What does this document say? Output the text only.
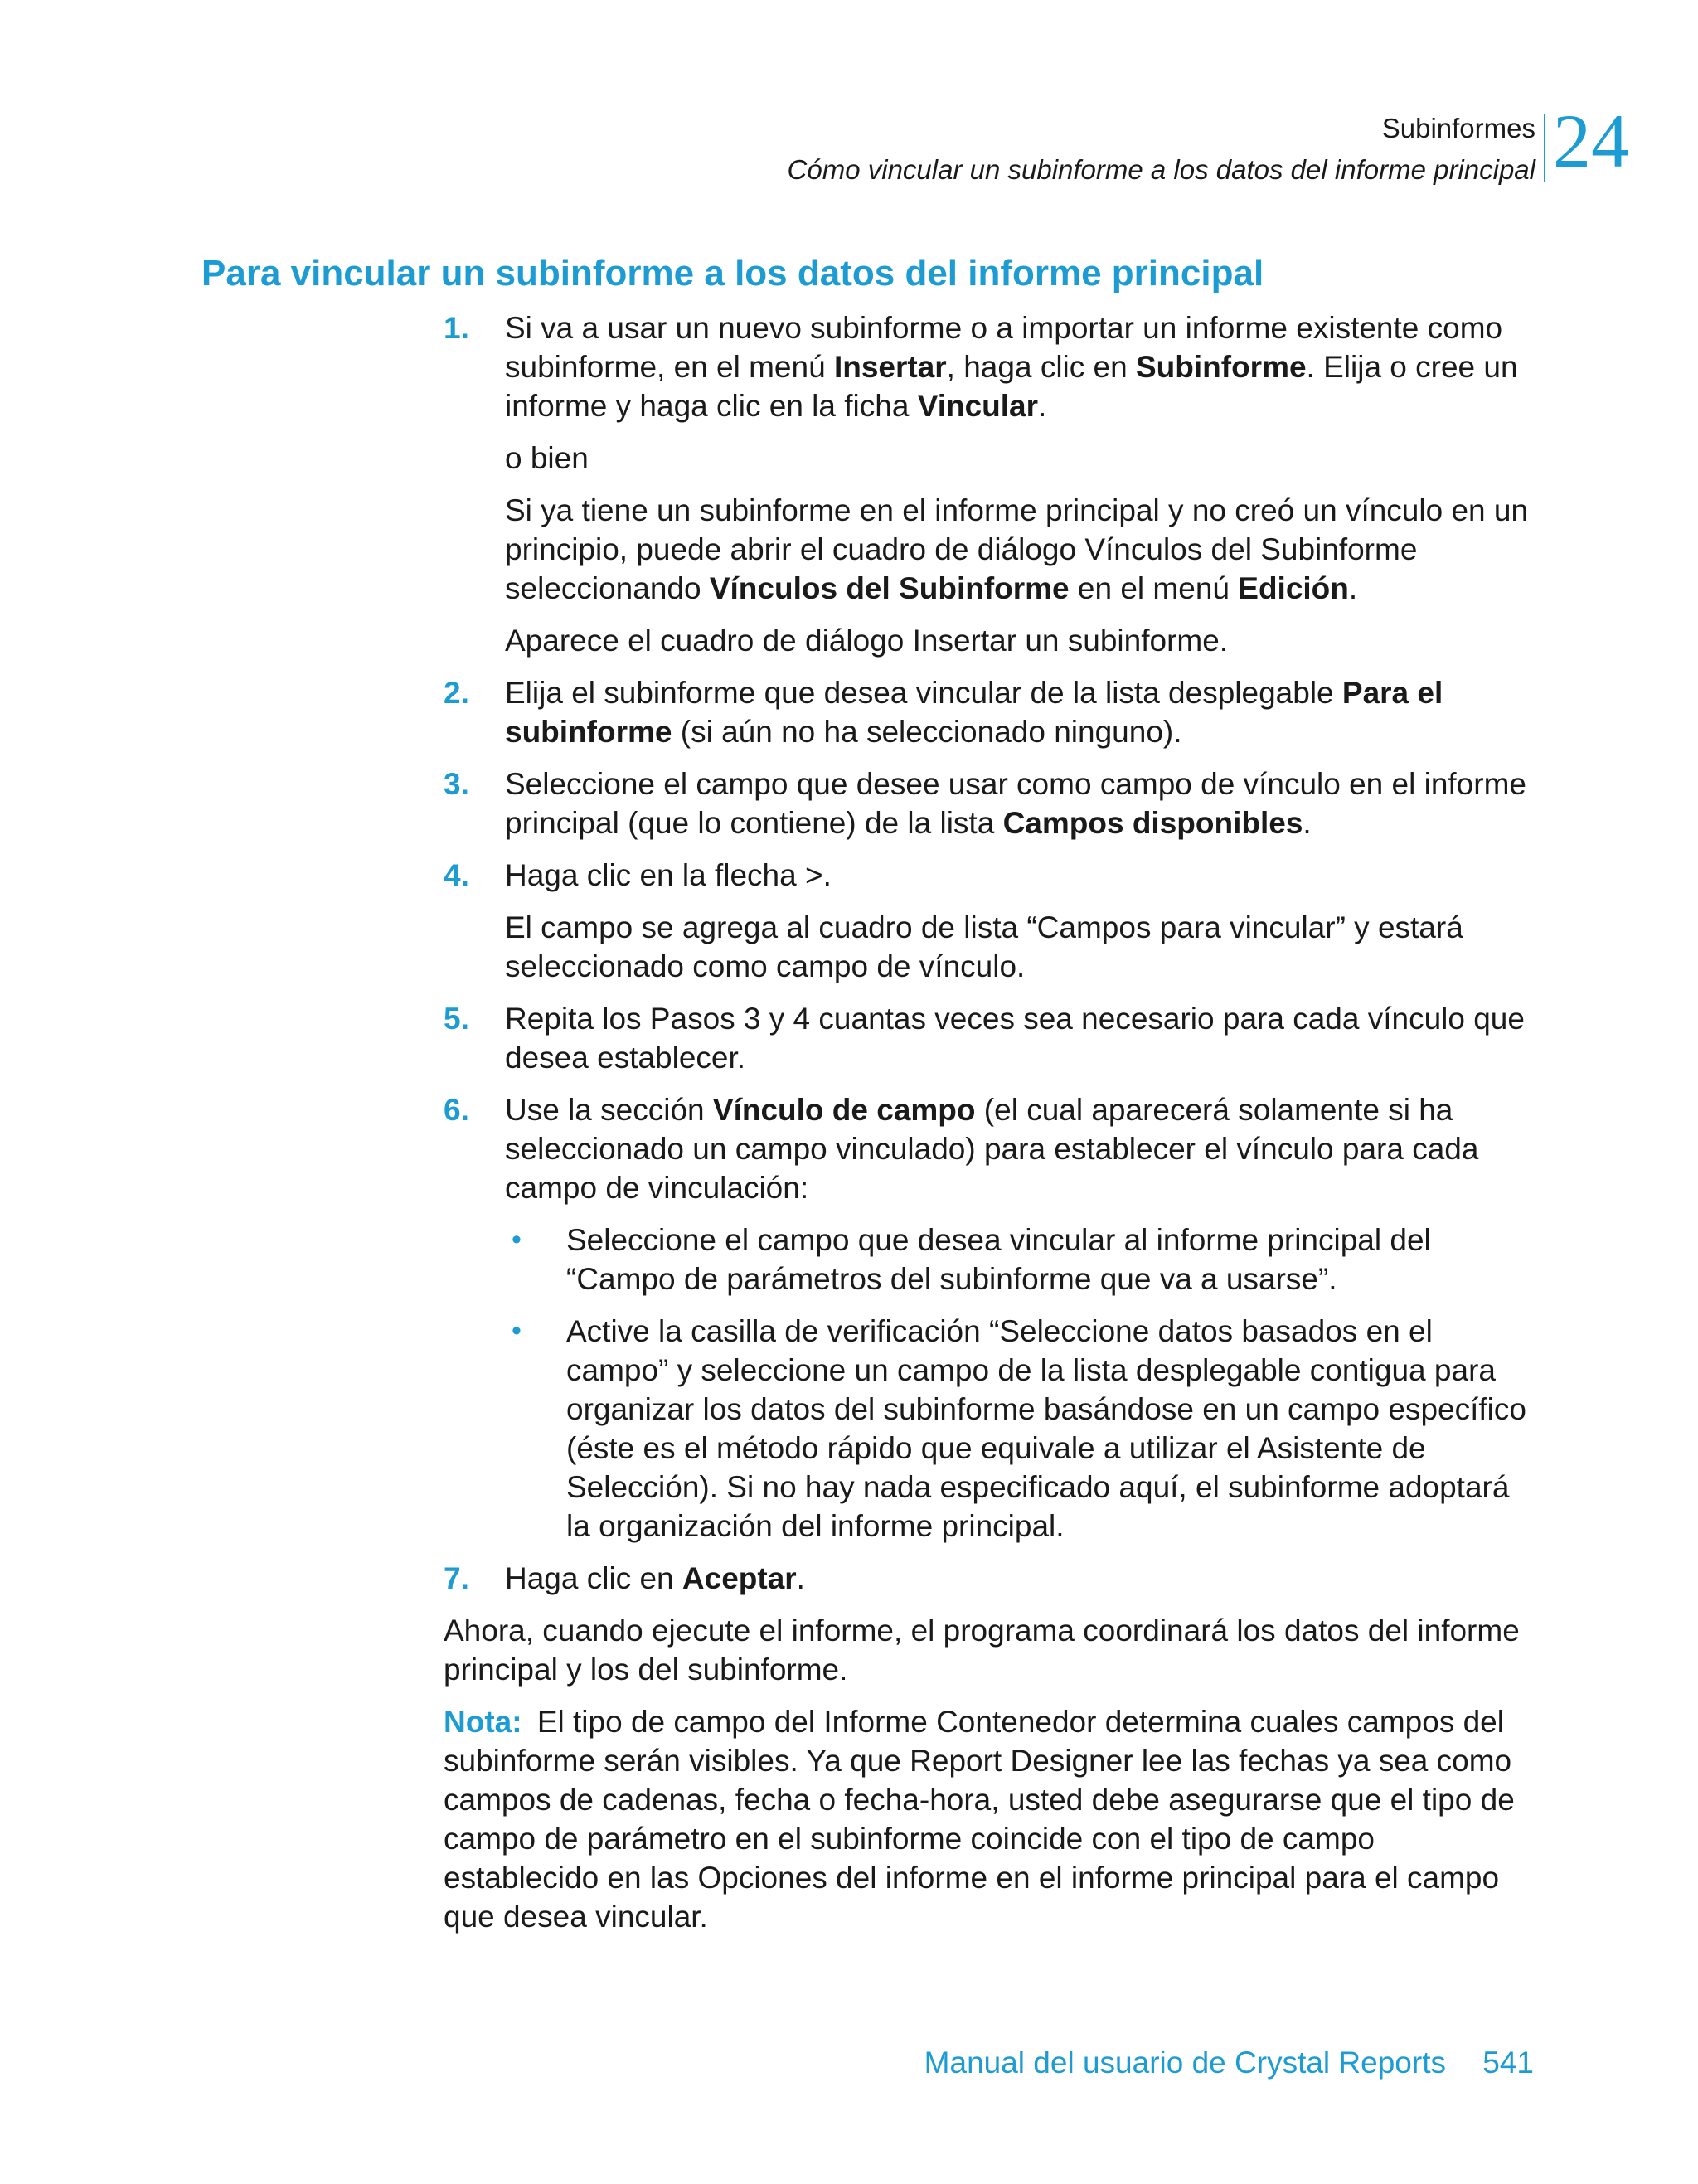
Subinformes
Cómo vincular un subinforme a los datos del informe principal 24
Para vincular un subinforme a los datos del informe principal
1. Si va a usar un nuevo subinforme o a importar un informe existente como subinforme, en el menú Insertar, haga clic en Subinforme. Elija o cree un informe y haga clic en la ficha Vincular.
o bien
Si ya tiene un subinforme en el informe principal y no creó un vínculo en un principio, puede abrir el cuadro de diálogo Vínculos del Subinforme seleccionando Vínculos del Subinforme en el menú Edición.
Aparece el cuadro de diálogo Insertar un subinforme.
2. Elija el subinforme que desea vincular de la lista desplegable Para el subinforme (si aún no ha seleccionado ninguno).
3. Seleccione el campo que desee usar como campo de vínculo en el informe principal (que lo contiene) de la lista Campos disponibles.
4. Haga clic en la flecha >.
El campo se agrega al cuadro de lista “Campos para vincular” y estará seleccionado como campo de vínculo.
5. Repita los Pasos 3 y 4 cuantas veces sea necesario para cada vínculo que desea establecer.
6. Use la sección Vínculo de campo (el cual aparecerá solamente si ha seleccionado un campo vinculado) para establecer el vínculo para cada campo de vinculación:
• Seleccione el campo que desea vincular al informe principal del “Campo de parámetros del subinforme que va a usarse”.
• Active la casilla de verificación “Seleccione datos basados en el campo” y seleccione un campo de la lista desplegable contigua para organizar los datos del subinforme basándose en un campo específico (éste es el método rápido que equivale a utilizar el Asistente de Selección). Si no hay nada especificado aquí, el subinforme adoptará la organización del informe principal.
7. Haga clic en Aceptar.
Ahora, cuando ejecute el informe, el programa coordinará los datos del informe principal y los del subinforme.
Nota: El tipo de campo del Informe Contenedor determina cuales campos del subinforme serán visibles. Ya que Report Designer lee las fechas ya sea como campos de cadenas, fecha o fecha-hora, usted debe asegurarse que el tipo de campo de parámetro en el subinforme coincide con el tipo de campo establecido en las Opciones del informe en el informe principal para el campo que desea vincular.
Manual del usuario de Crystal Reports 541
